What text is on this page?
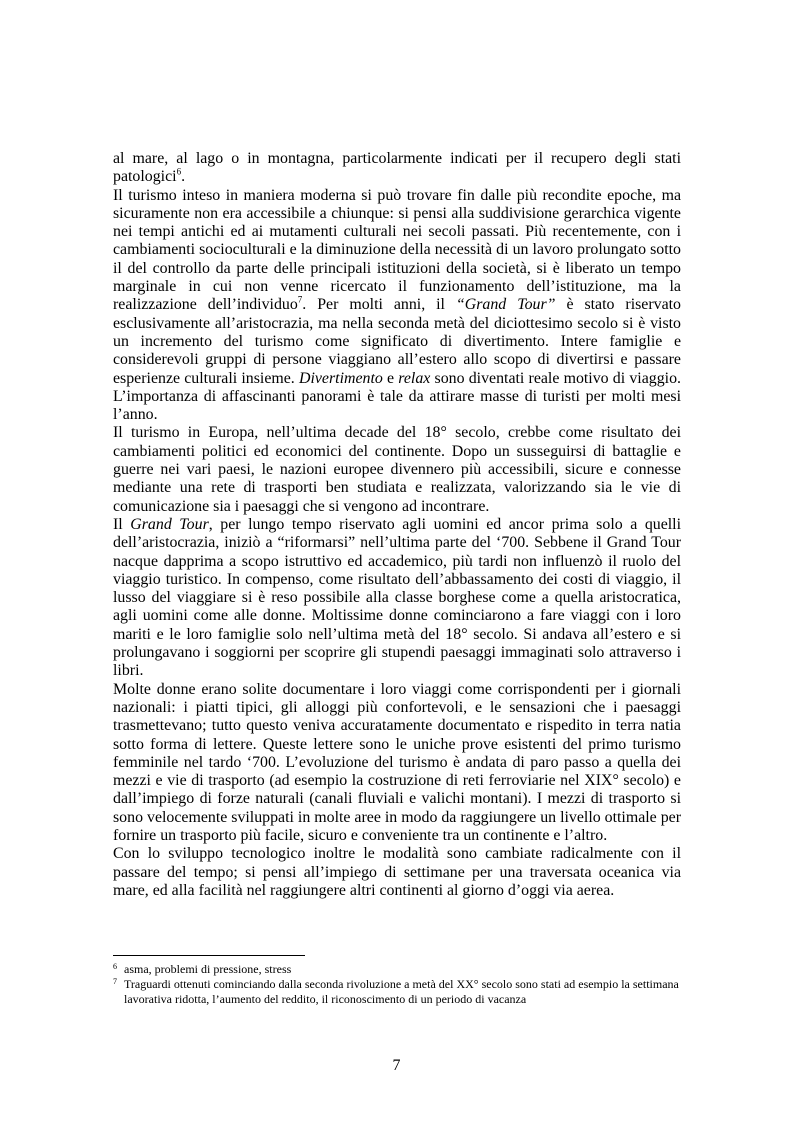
al mare, al lago o in montagna, particolarmente indicati per il recupero degli stati patologici$^6$.

Il turismo inteso in maniera moderna si può trovare fin dalle più recondite epoche, ma sicuramente non era accessibile a chiunque: si pensi alla suddivisione gerarchica vigente nei tempi antichi ed ai mutamenti culturali nei secoli passati. Più recentemente, con i cambiamenti socioculturali e la diminuzione della necessità di un lavoro prolungato sotto il del controllo da parte delle principali istituzioni della società, si è liberato un tempo marginale in cui non venne ricercato il funzionamento dell’istituzione, ma la realizzazione dell’individuo$^7$. Per molti anni, il “Grand Tour” è stato riservato esclusivamente all’aristocrazia, ma nella seconda metà del diciottesimo secolo si è visto un incremento del turismo come significato di divertimento. Intere famiglie e considerevoli gruppi di persone viaggiano all’estero allo scopo di divertirsi e passare esperienze culturali insieme. Divertimento e relax sono diventati reale motivo di viaggio. L’importanza di affascinanti panorami è tale da attirare masse di turisti per molti mesi l’anno.

Il turismo in Europa, nell’ultima decade del 18° secolo, crebbe come risultato dei cambiamenti politici ed economici del continente. Dopo un susseguirsi di battaglie e guerre nei vari paesi, le nazioni europee divennero più accessibili, sicure e connesse mediante una rete di trasporti ben studiata e realizzata, valorizzando sia le vie di comunicazione sia i paesaggi che si vengono ad incontrare.

Il Grand Tour, per lungo tempo riservato agli uomini ed ancor prima solo a quelli dell’aristocrazia, iniziò a “riformarsi” nell’ultima parte del ‘700. Sebbene il Grand Tour nacque dapprima a scopo istruttivo ed accademico, più tardi non influenzò il ruolo del viaggio turistico. In compenso, come risultato dell’abbassamento dei costi di viaggio, il lusso del viaggiare si è reso possibile alla classe borghese come a quella aristocratica, agli uomini come alle donne. Moltissime donne cominciarono a fare viaggi con i loro mariti e le loro famiglie solo nell’ultima metà del 18° secolo. Si andava all’estero e si prolungavano i soggiorni per scoprire gli stupendi paesaggi immaginati solo attraverso i libri.

Molte donne erano solite documentare i loro viaggi come corrispondenti per i giornali nazionali: i piatti tipici, gli alloggi più confortevoli, e le sensazioni che i paesaggi trasmettevano; tutto questo veniva accuratamente documentato e rispedito in terra natia sotto forma di lettere. Queste lettere sono le uniche prove esistenti del primo turismo femminile nel tardo ‘700. L’evoluzione del turismo è andata di paro passo a quella dei mezzi e vie di trasporto (ad esempio la costruzione di reti ferroviarie nel XIX° secolo) e dall’impiego di forze naturali (canali fluviali e valichi montani). I mezzi di trasporto si sono velocemente sviluppati in molte aree in modo da raggiungere un livello ottimale per fornire un trasporto più facile, sicuro e conveniente tra un continente e l’altro.

Con lo sviluppo tecnologico inoltre le modalità sono cambiate radicalmente con il passare del tempo; si pensi all’impiego di settimane per una traversata oceanica via mare, ed alla facilità nel raggiungere altri continenti al giorno d’oggi via aerea.

6 asma, problemi di pressione, stress
7 Traguardi ottenuti cominciando dalla seconda rivoluzione a metà del XX° secolo sono stati ad esempio la settimana lavorativa ridotta, l’aumento del reddito, il riconoscimento di un periodo di vacanza
7
